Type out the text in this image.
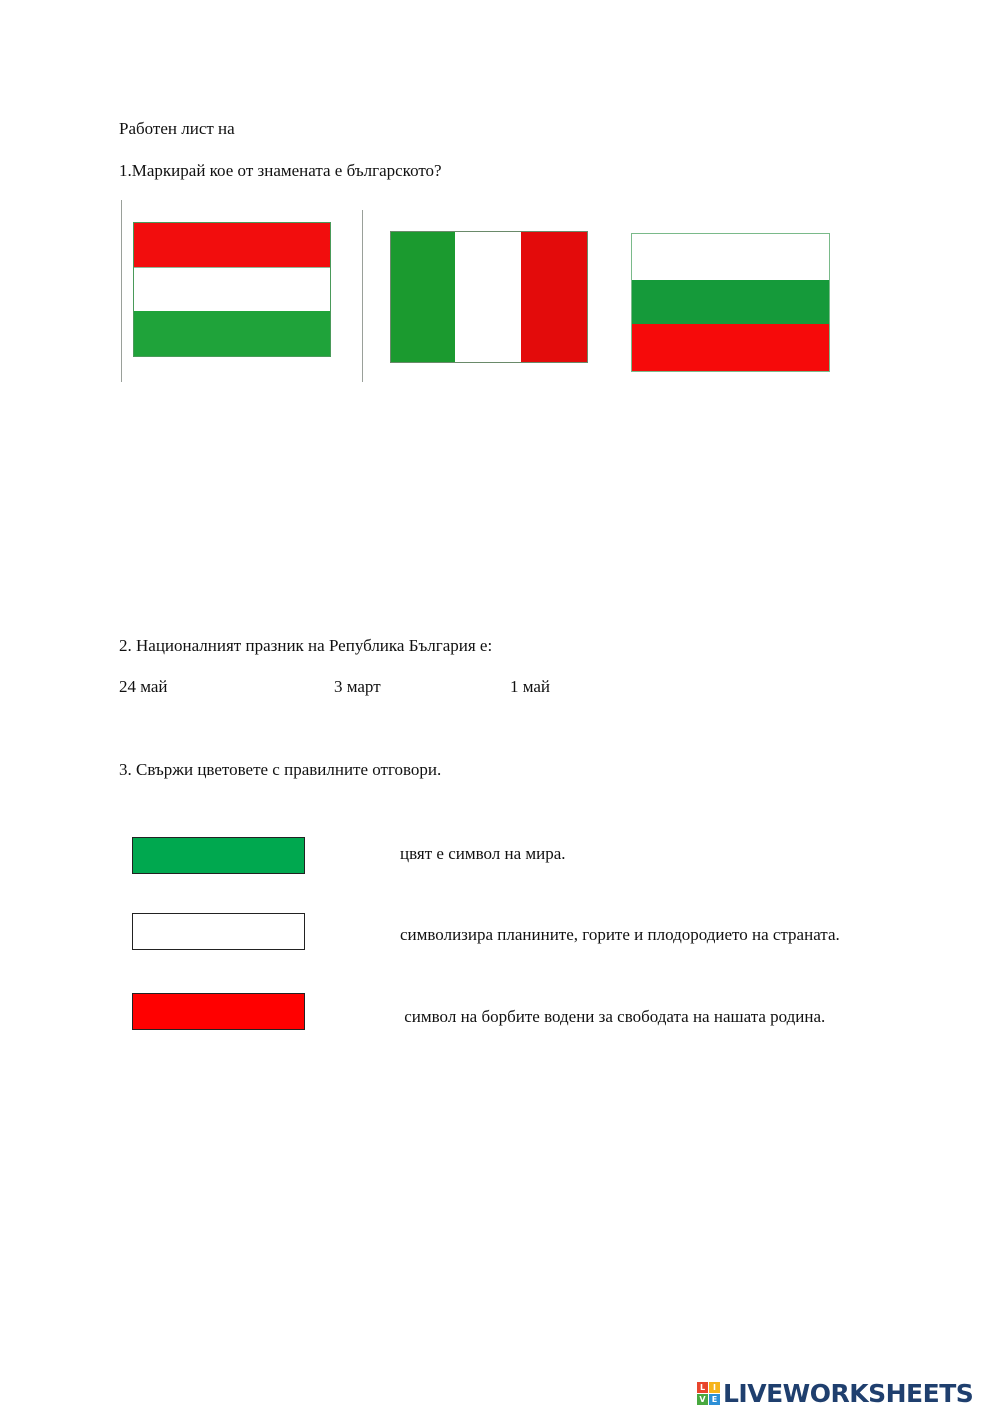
Работен лист на
1.Маркирай кое от знамената е българското?
2. Националният празник на Република България е:
24 май	3 март	1 май
3. Свържи цветовете с правилните отговори.
цвят е символ на мира.
символизира планините, горите и плодородието на страната.
символ на борбите водени за свободата на нашата родина.
L I
V E LIVEWORKSHEETS
